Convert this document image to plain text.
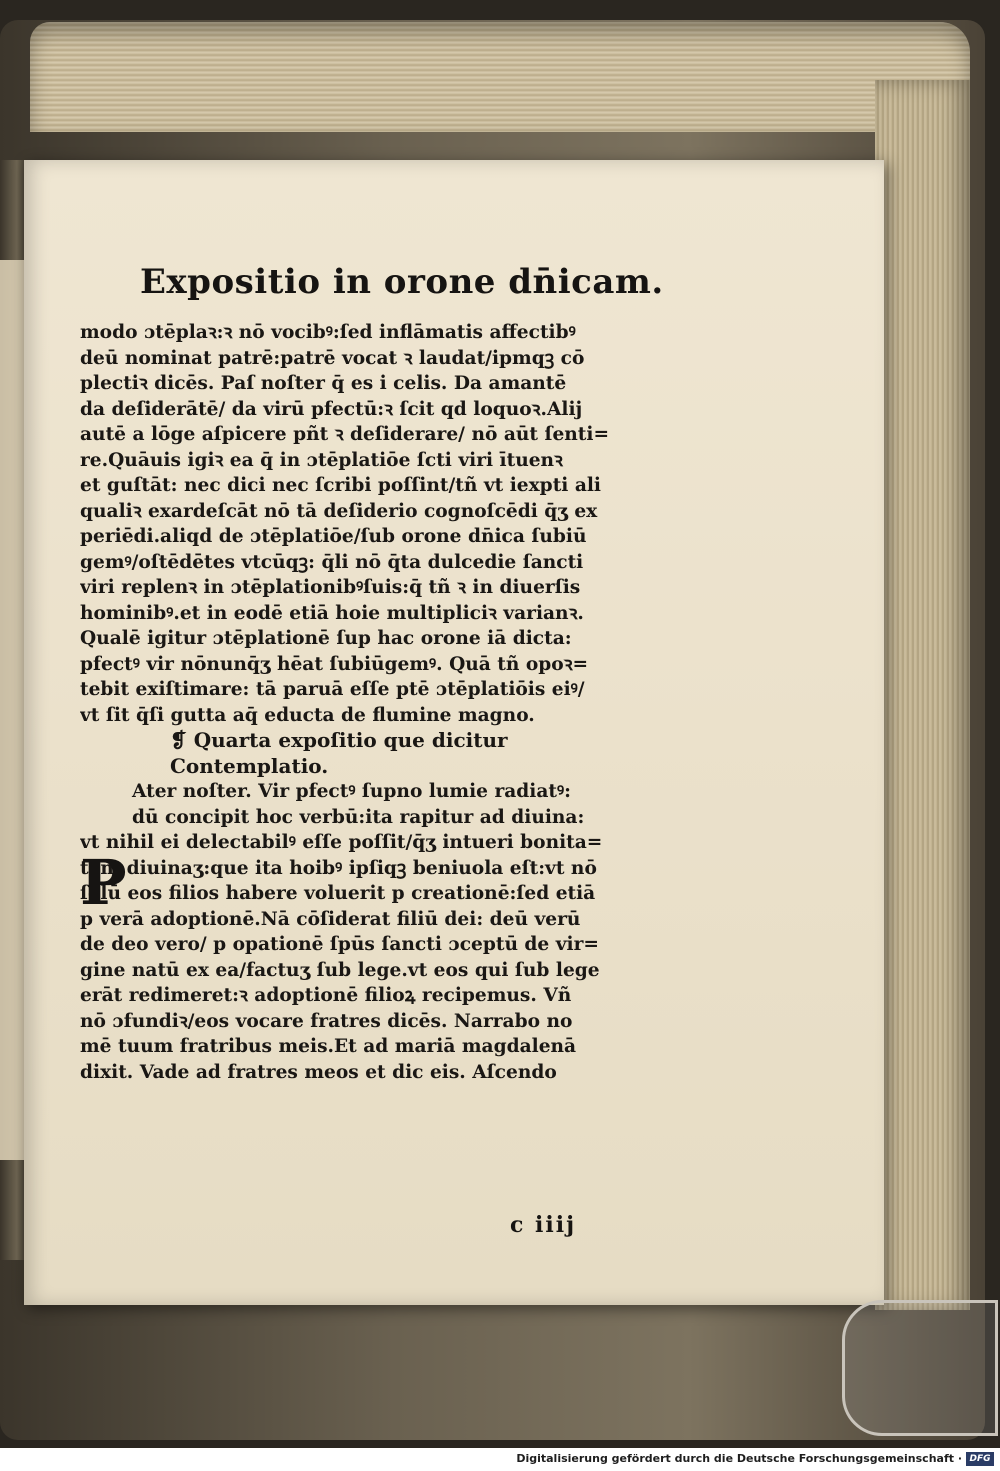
Expositio in orone dn̄icam.
modo ɔtēplaꝛ:ꝛ nō vocibꝰ:ſed inflāmatis affectibꝰ
deū nominat patrē:patrē vocat ꝛ laudat/ipmqꝫ cō
plectiꝛ dicēs. Paſ noſter q̄ es i celis. Da amantē
da deſiderātē/ da virū pfectū:ꝛ ſcit qd loquoꝛ.Alij
autē a lōge aſpicere pñt ꝛ deſiderare/ nō aūt ſenti=
re.Quāuis igiꝛ ea q̄ in ɔtēplatiōe ſcti viri ītuenꝛ
et guſtāt: nec dici nec ſcribi poſſint/tñ vt iexpti ali
qualiꝛ exardeſcāt nō tā deſiderio cognoſcēdi q̄ʒ ex
periēdi.aliqd de ɔtēplatiōe/ſub orone dn̄ica ſubiū
gemꝰ/oſtēdētes vtcūqꝫ: q̄li nō q̄ta dulcedie ſancti
viri replenꝛ in ɔtēplationibꝰſuis:q̄ tñ ꝛ in diuerſis
hominibꝰ.et in eodē etiā hoie multipliciꝛ varianꝛ.
Qualē igitur ɔtēplationē ſup hac orone iā dicta:
pfectꝰ vir nōnunq̄ʒ hēat ſubiūgemꝰ. Quā tñ opoꝛ=
tebit exiſtimare: tā paruā eſſe ptē ɔtēplatiōis eiꝰ/
vt ſit q̄ſi gutta aq̄ educta de flumine magno.
❡ Quarta expoſitio que dicitur
Contemplatio.
Ater noſter. Vir pfectꝰ ſupno lumie radiatꝰ:
dū concipit hoc verbū:ita rapitur ad diuina:
vt nihil ei delectabilꝰ eſſe poſſit/q̄ʒ intueri bonita=
tem diuinaʒ:que ita hoibꝰ ipſiqꝫ beniuola eſt:vt nō
ſolū eos filios habere voluerit p creationē:ſed etiā
p verā adoptionē.Nā cōſiderat filiū dei: deū verū
de deo vero/ p opationē ſpūs ſancti ɔceptū de vir=
gine natū ex ea/factuʒ ſub lege.vt eos qui ſub lege
erāt redimeret:ꝛ adoptionē filioꝝ recipemus. Vñ
nō ɔfundiꝛ/eos vocare fratres dicēs. Narrabo no
mē tuum fratribus meis.Et ad mariā magdalenā
dixit. Vade ad fratres meos et dic eis. Aſcendo
P
c iiij
Digitalisierung gefördert durch die Deutsche Forschungsgemeinschaft · DFG
